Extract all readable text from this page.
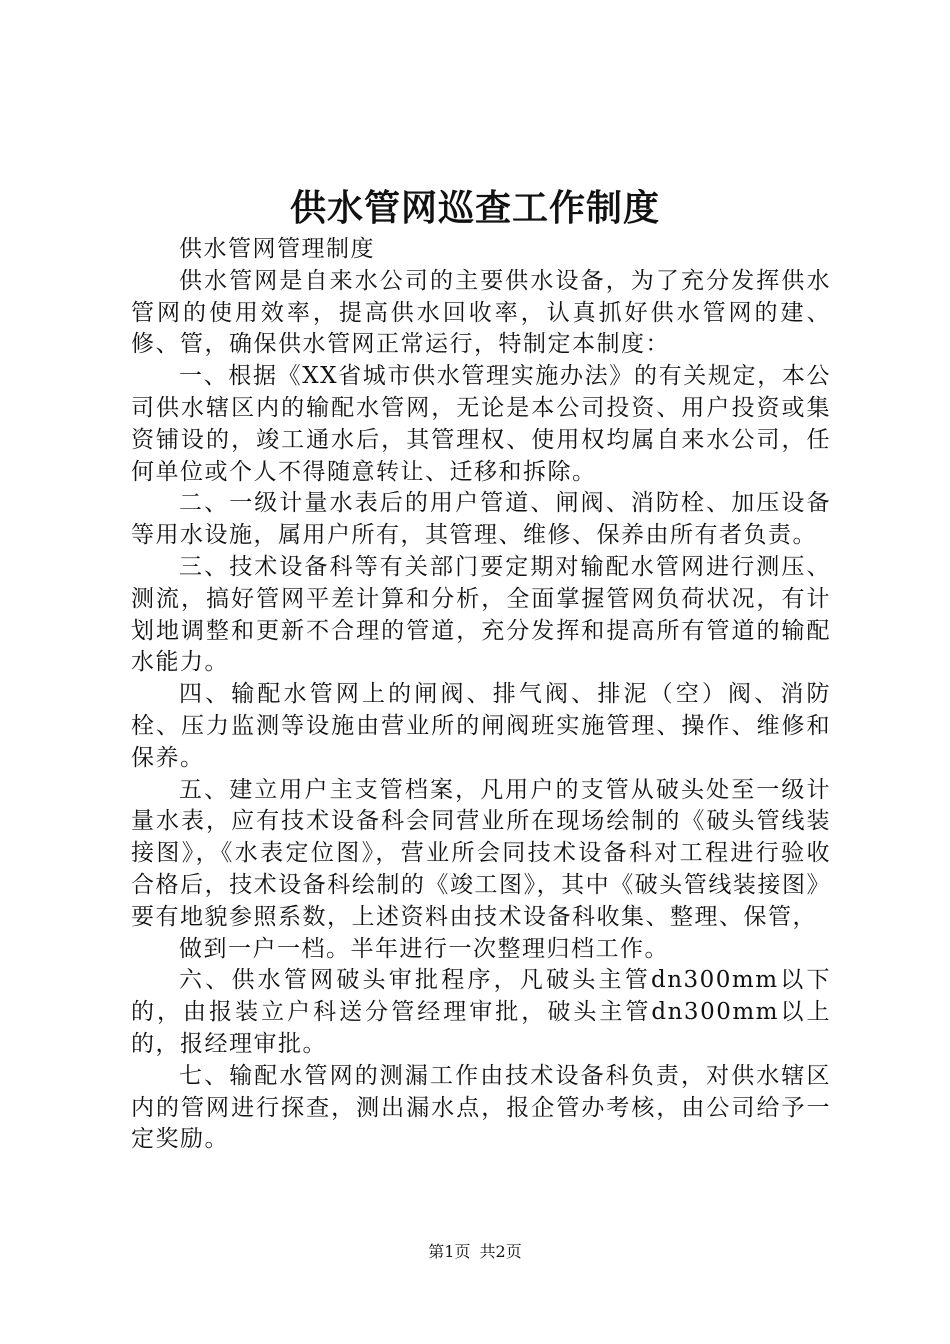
供水管网巡查工作制度

供水管网管理制度

供水管网是自来水公司的主要供水设备，为了充分发挥供水管网的使用效率，提高供水回收率，认真抓好供水管网的建、修、管，确保供水管网正常运行，特制定本制度：

一、根据《XX省城市供水管理实施办法》的有关规定，本公司供水辖区内的输配水管网，无论是本公司投资、用户投资或集资铺设的，竣工通水后，其管理权、使用权均属自来水公司，任何单位或个人不得随意转让、迁移和拆除。

二、一级计量水表后的用户管道、闸阀、消防栓、加压设备等用水设施，属用户所有，其管理、维修、保养由所有者负责。

三、技术设备科等有关部门要定期对输配水管网进行测压、测流，搞好管网平差计算和分析，全面掌握管网负荷状况，有计划地调整和更新不合理的管道，充分发挥和提高所有管道的输配水能力。

四、输配水管网上的闸阀、排气阀、排泥（空）阀、消防栓、压力监测等设施由营业所的闸阀班实施管理、操作、维修和保养。

五、建立用户主支管档案，凡用户的支管从破头处至一级计量水表，应有技术设备科会同营业所在现场绘制的《破头管线装接图》，《水表定位图》，营业所会同技术设备科对工程进行验收合格后，技术设备科绘制的《竣工图》，其中《破头管线装接图》要有地貌参照系数，上述资料由技术设备科收集、整理、保管，

做到一户一档。半年进行一次整理归档工作。

六、供水管网破头审批程序，凡破头主管dn300mm以下的，由报装立户科送分管经理审批，破头主管dn300mm以上的，报经理审批。

七、输配水管网的测漏工作由技术设备科负责，对供水辖区内的管网进行探查，测出漏水点，报企管办考核，由公司给予一定奖励。

第1页 共2页
